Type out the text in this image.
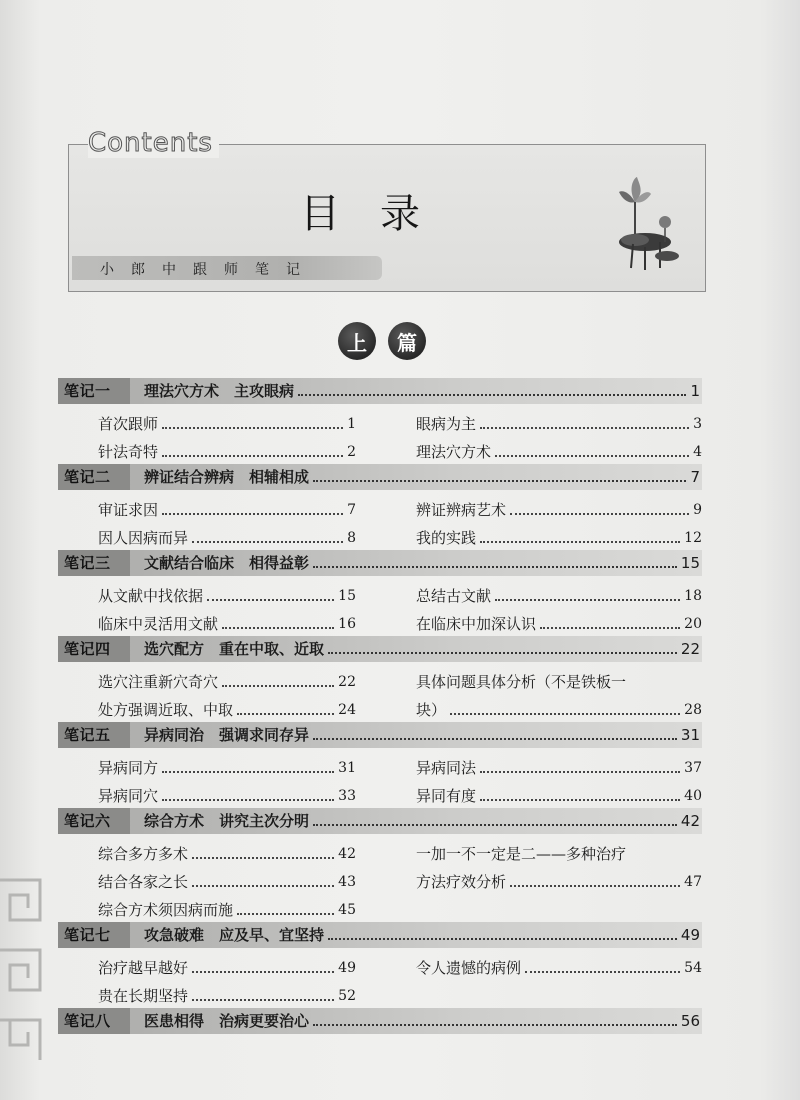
Contents
目录
小郎中跟师笔记
上	篇
笔记一	理法穴方术　主攻眼病	1
首次跟师	1
针法奇特	2
眼病为主	3
理法穴方术	4
笔记二	辨证结合辨病　相辅相成	7
审证求因	7
因人因病而异	8
辨证辨病艺术	9
我的实践	12
笔记三	文献结合临床　相得益彰	15
从文献中找依据	15
临床中灵活用文献	16
总结古文献	18
在临床中加深认识	20
笔记四	选穴配方　重在中取、近取	22
选穴注重新穴奇穴	22
处方强调近取、中取	24
具体问题具体分析（不是铁板一
块）	28
笔记五	异病同治　强调求同存异	31
异病同方	31
异病同穴	33
异病同法	37
异同有度	40
笔记六	综合方术　讲究主次分明	42
综合多方多术	42
结合各家之长	43
综合方术须因病而施	45
一加一不一定是二——多种治疗
方法疗效分析	47
笔记七	攻急破难　应及早、宜坚持	49
治疗越早越好	49
贵在长期坚持	52
令人遗憾的病例	54
笔记八	医患相得　治病更要治心	56
